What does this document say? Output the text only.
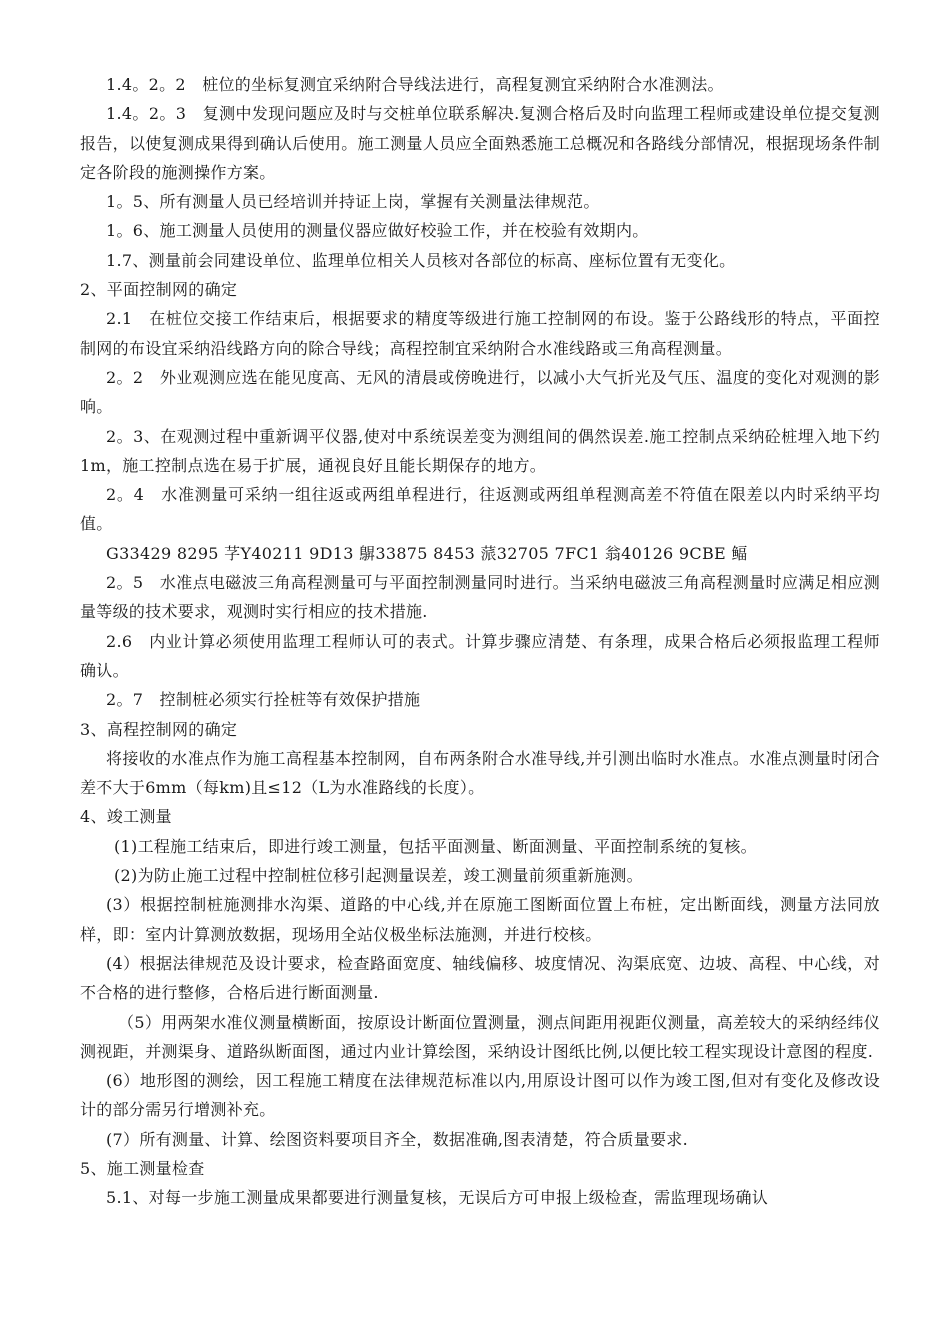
1.4。2。2　桩位的坐标复测宜采纳附合导线法进行，高程复测宜采纳附合水准测法。

1.4。2。3　复测中发现问题应及时与交桩单位联系解决.复测合格后及时向监理工程师或建设单位提交复测报告，以使复测成果得到确认后使用。施工测量人员应全面熟悉施工总概况和各路线分部情况，根据现场条件制定各阶段的施测操作方案。

1。5、所有测量人员已经培训并持证上岗，掌握有关测量法律规范。

1。6、施工测量人员使用的测量仪器应做好校验工作，并在校验有效期内。

1.7、测量前会同建设单位、监理单位相关人员核对各部位的标高、座标位置有无变化。

2、平面控制网的确定

2.1　在桩位交接工作结束后，根据要求的精度等级进行施工控制网的布设。鉴于公路线形的特点，平面控制网的布设宜采纳沿线路方向的除合导线；高程控制宜采纳附合水准线路或三角高程测量。

2。2　外业观测应选在能见度高、无风的清晨或傍晚进行，以减小大气折光及气压、温度的变化对观测的影响。

2。3、在观测过程中重新调平仪器,使对中系统误差变为测组间的偶然误差.施工控制点采纳砼桩埋入地下约1m，施工控制点选在易于扩展，通视良好且能长期保存的地方。

2。4　水准测量可采纳一组往返或两组单程进行，往返测或两组单程测高差不符值在限差以内时采纳平均值。

G33429 8295 芓Y40211 9D13 鵿33875 8453 蒎32705 7FC1 翁40126 9CBE 鲾

2。5　水准点电磁波三角高程测量可与平面控制测量同时进行。当采纳电磁波三角高程测量时应满足相应测量等级的技术要求，观测时实行相应的技术措施.

2.6　内业计算必须使用监理工程师认可的表式。计算步骤应清楚、有条理，成果合格后必须报监理工程师确认。

2。7　控制桩必须实行拴桩等有效保护措施

3、高程控制网的确定

将接收的水准点作为施工高程基本控制网，自布两条附合水准导线,并引测出临时水准点。水准点测量时闭合差不大于6mm（每km)且≤12（L为水准路线的长度）。

4、竣工测量

(1)工程施工结束后，即进行竣工测量，包括平面测量、断面测量、平面控制系统的复核。

(2)为防止施工过程中控制桩位移引起测量误差，竣工测量前须重新施测。

(3）根据控制桩施测排水沟渠、道路的中心线,并在原施工图断面位置上布桩，定出断面线，测量方法同放样，即：室内计算测放数据，现场用全站仪极坐标法施测，并进行校核。

(4）根据法律规范及设计要求，检查路面宽度、轴线偏移、坡度情况、沟渠底宽、边坡、高程、中心线，对不合格的进行整修，合格后进行断面测量.

（5）用两架水准仪测量横断面，按原设计断面位置测量，测点间距用视距仪测量，高差较大的采纳经纬仪测视距，并测渠身、道路纵断面图，通过内业计算绘图，采纳设计图纸比例,以便比较工程实现设计意图的程度.

(6）地形图的测绘，因工程施工精度在法律规范标准以内,用原设计图可以作为竣工图,但对有变化及修改设计的部分需另行增测补充。

(7）所有测量、计算、绘图资料要项目齐全，数据准确,图表清楚，符合质量要求.

5、施工测量检查

5.1、对每一步施工测量成果都要进行测量复核，无误后方可申报上级检查，需监理现场确认
